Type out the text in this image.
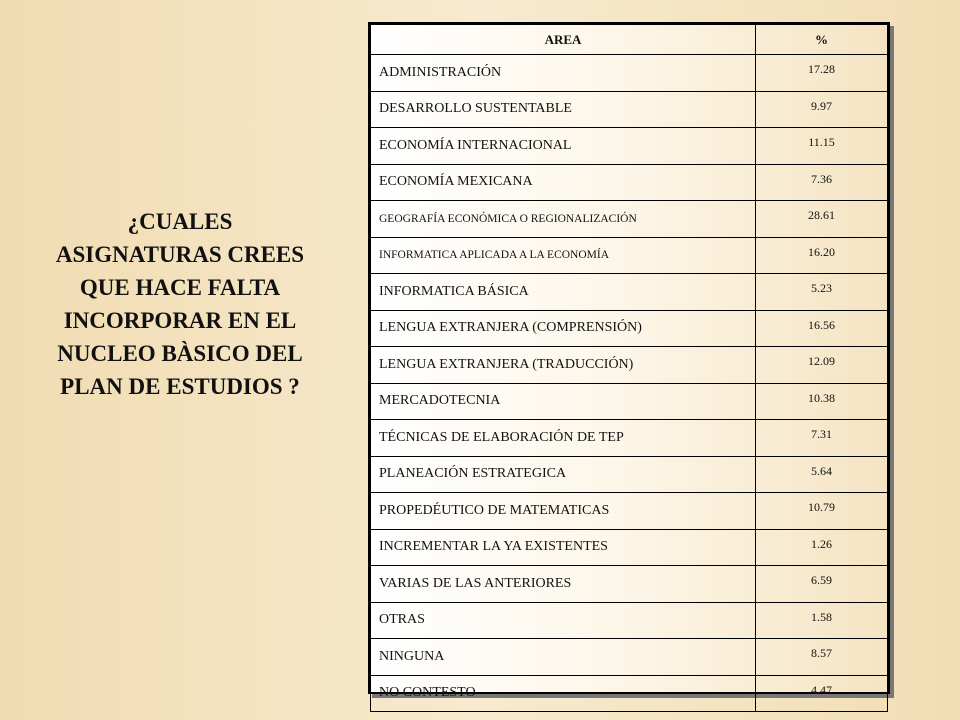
¿CUALES ASIGNATURAS CREES QUE HACE FALTA INCORPORAR EN EL NUCLEO BÀSICO DEL PLAN DE ESTUDIOS ?
AREA	%
ADMINISTRACIÓN	17.28
DESARROLLO SUSTENTABLE	9.97
ECONOMÍA INTERNACIONAL	11.15
ECONOMÍA MEXICANA	7.36
GEOGRAFÍA ECONÓMICA O REGIONALIZACIÓN	28.61
INFORMATICA APLICADA A LA ECONOMÍA	16.20
INFORMATICA BÁSICA	5.23
LENGUA EXTRANJERA (COMPRENSIÓN)	16.56
LENGUA EXTRANJERA (TRADUCCIÓN)	12.09
MERCADOTECNIA	10.38
TÉCNICAS DE ELABORACIÓN DE TEP	7.31
PLANEACIÓN ESTRATEGICA	5.64
PROPEDÉUTICO DE MATEMATICAS	10.79
INCREMENTAR LA YA EXISTENTES	1.26
VARIAS DE LAS ANTERIORES	6.59
OTRAS	1.58
NINGUNA	8.57
NO CONTESTO	4.47
